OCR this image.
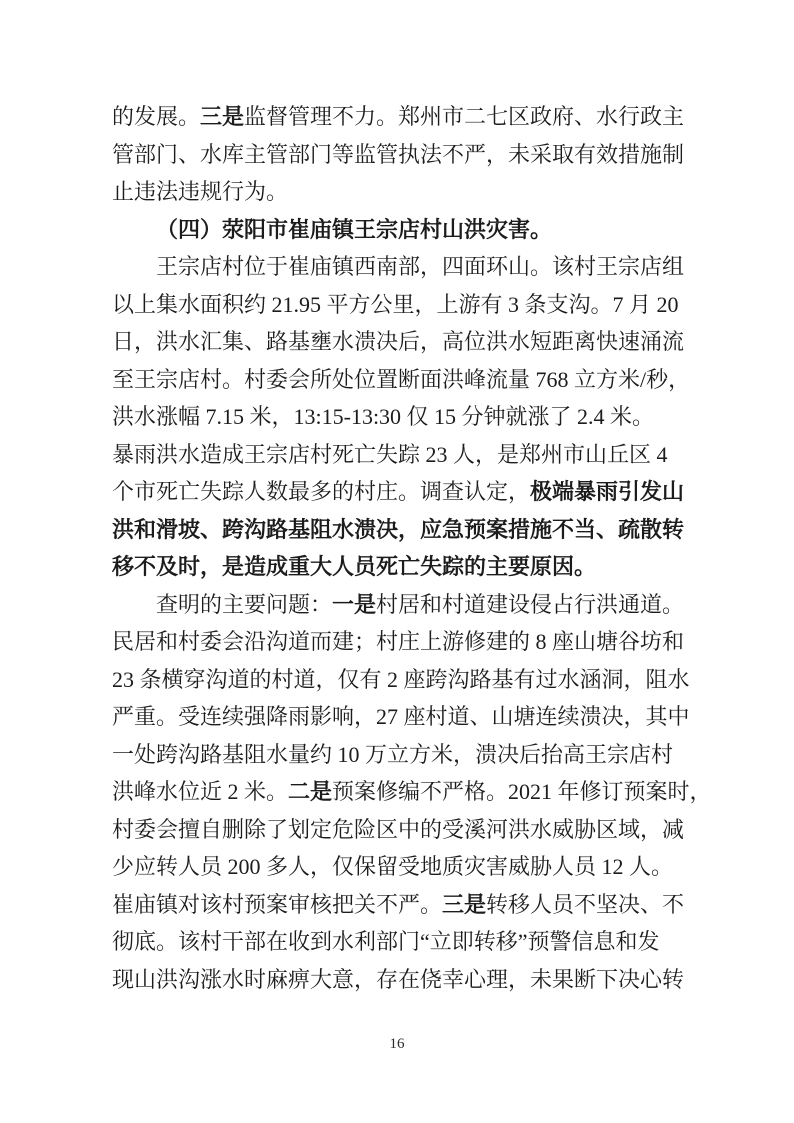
的发展。三是监督管理不力。郑州市二七区政府、水行政主
管部门、水库主管部门等监管执法不严，未采取有效措施制
止违法违规行为。
（四）荥阳市崔庙镇王宗店村山洪灾害。
王宗店村位于崔庙镇西南部，四面环山。该村王宗店组
以上集水面积约 21.95 平方公里，上游有 3 条支沟。7 月 20
日，洪水汇集、路基壅水溃决后，高位洪水短距离快速涌流
至王宗店村。村委会所处位置断面洪峰流量 768 立方米/秒，
洪水涨幅 7.15 米，13:15-13:30 仅 15 分钟就涨了 2.4 米。
暴雨洪水造成王宗店村死亡失踪 23 人，是郑州市山丘区 4
个市死亡失踪人数最多的村庄。调查认定，极端暴雨引发山
洪和滑坡、跨沟路基阻水溃决，应急预案措施不当、疏散转
移不及时，是造成重大人员死亡失踪的主要原因。
查明的主要问题：一是村居和村道建设侵占行洪通道。
民居和村委会沿沟道而建；村庄上游修建的 8 座山塘谷坊和
23 条横穿沟道的村道，仅有 2 座跨沟路基有过水涵洞，阻水
严重。受连续强降雨影响，27 座村道、山塘连续溃决，其中
一处跨沟路基阻水量约 10 万立方米，溃决后抬高王宗店村
洪峰水位近 2 米。二是预案修编不严格。2021 年修订预案时，
村委会擅自删除了划定危险区中的受溪河洪水威胁区域，减
少应转人员 200 多人，仅保留受地质灾害威胁人员 12 人。
崔庙镇对该村预案审核把关不严。三是转移人员不坚决、不
彻底。该村干部在收到水利部门“立即转移”预警信息和发
现山洪沟涨水时麻痹大意，存在侥幸心理，未果断下决心转
16
